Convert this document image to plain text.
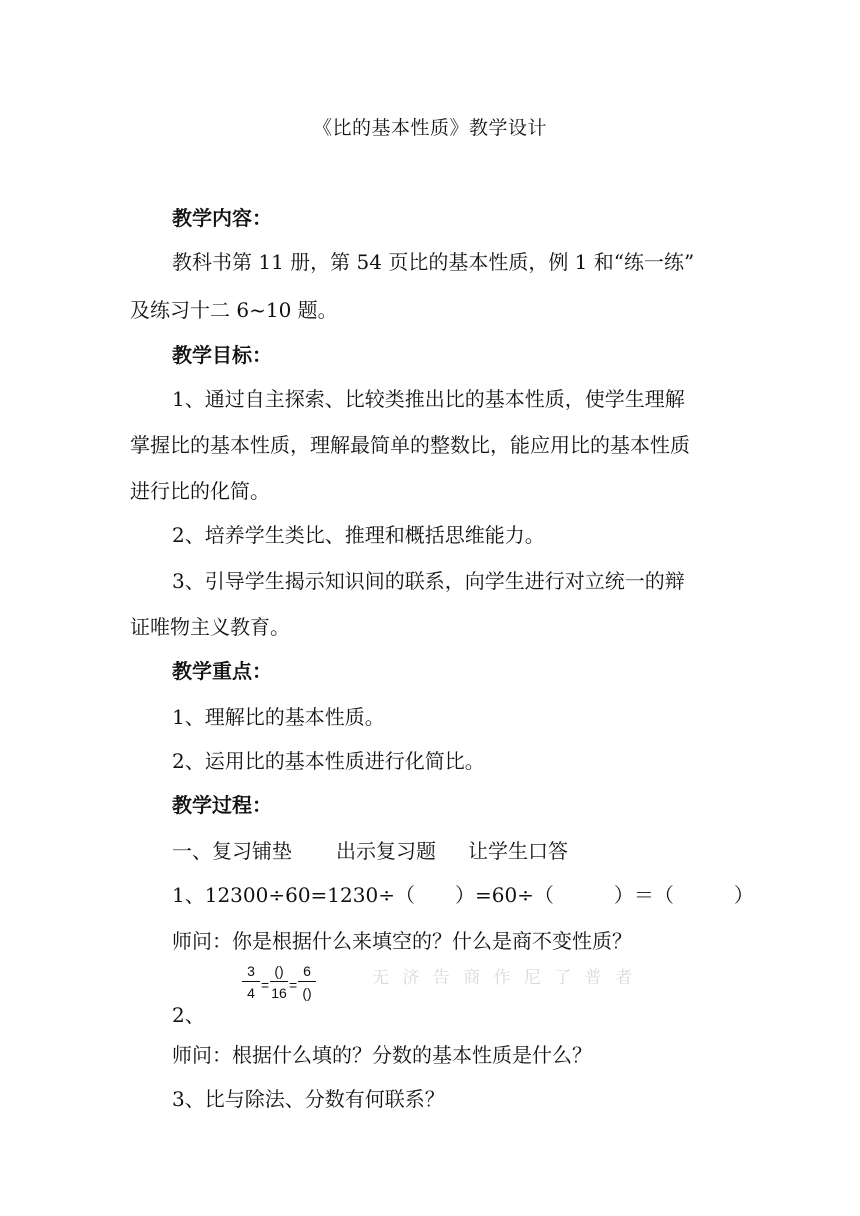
《比的基本性质》教学设计
教学内容：
教科书第 11 册，第 54 页比的基本性质，例 1 和“练一练”
及练习十二 6~10 题。
教学目标：
1、通过自主探索、比较类推出比的基本性质，使学生理解
掌握比的基本性质，理解最简单的整数比，能应用比的基本性质
进行比的化简。
2、培养学生类比、推理和概括思维能力。
3、引导学生揭示知识间的联系，向学生进行对立统一的辩
证唯物主义教育。
教学重点：
1、理解比的基本性质。
2、运用比的基本性质进行化简比。
教学过程：
一、复习铺垫 出示复习题 让学生口答
1、12300÷60=1230÷（　　）=60÷（　　　）＝（　　　）
师问：你是根据什么来填空的？什么是商不变性质？
2、
$\frac{3}{4}$ =
()
16 =
6
()
无 济 告 商 作 尼 了 普 者
师问：根据什么填的？分数的基本性质是什么？
3、比与除法、分数有何联系？
